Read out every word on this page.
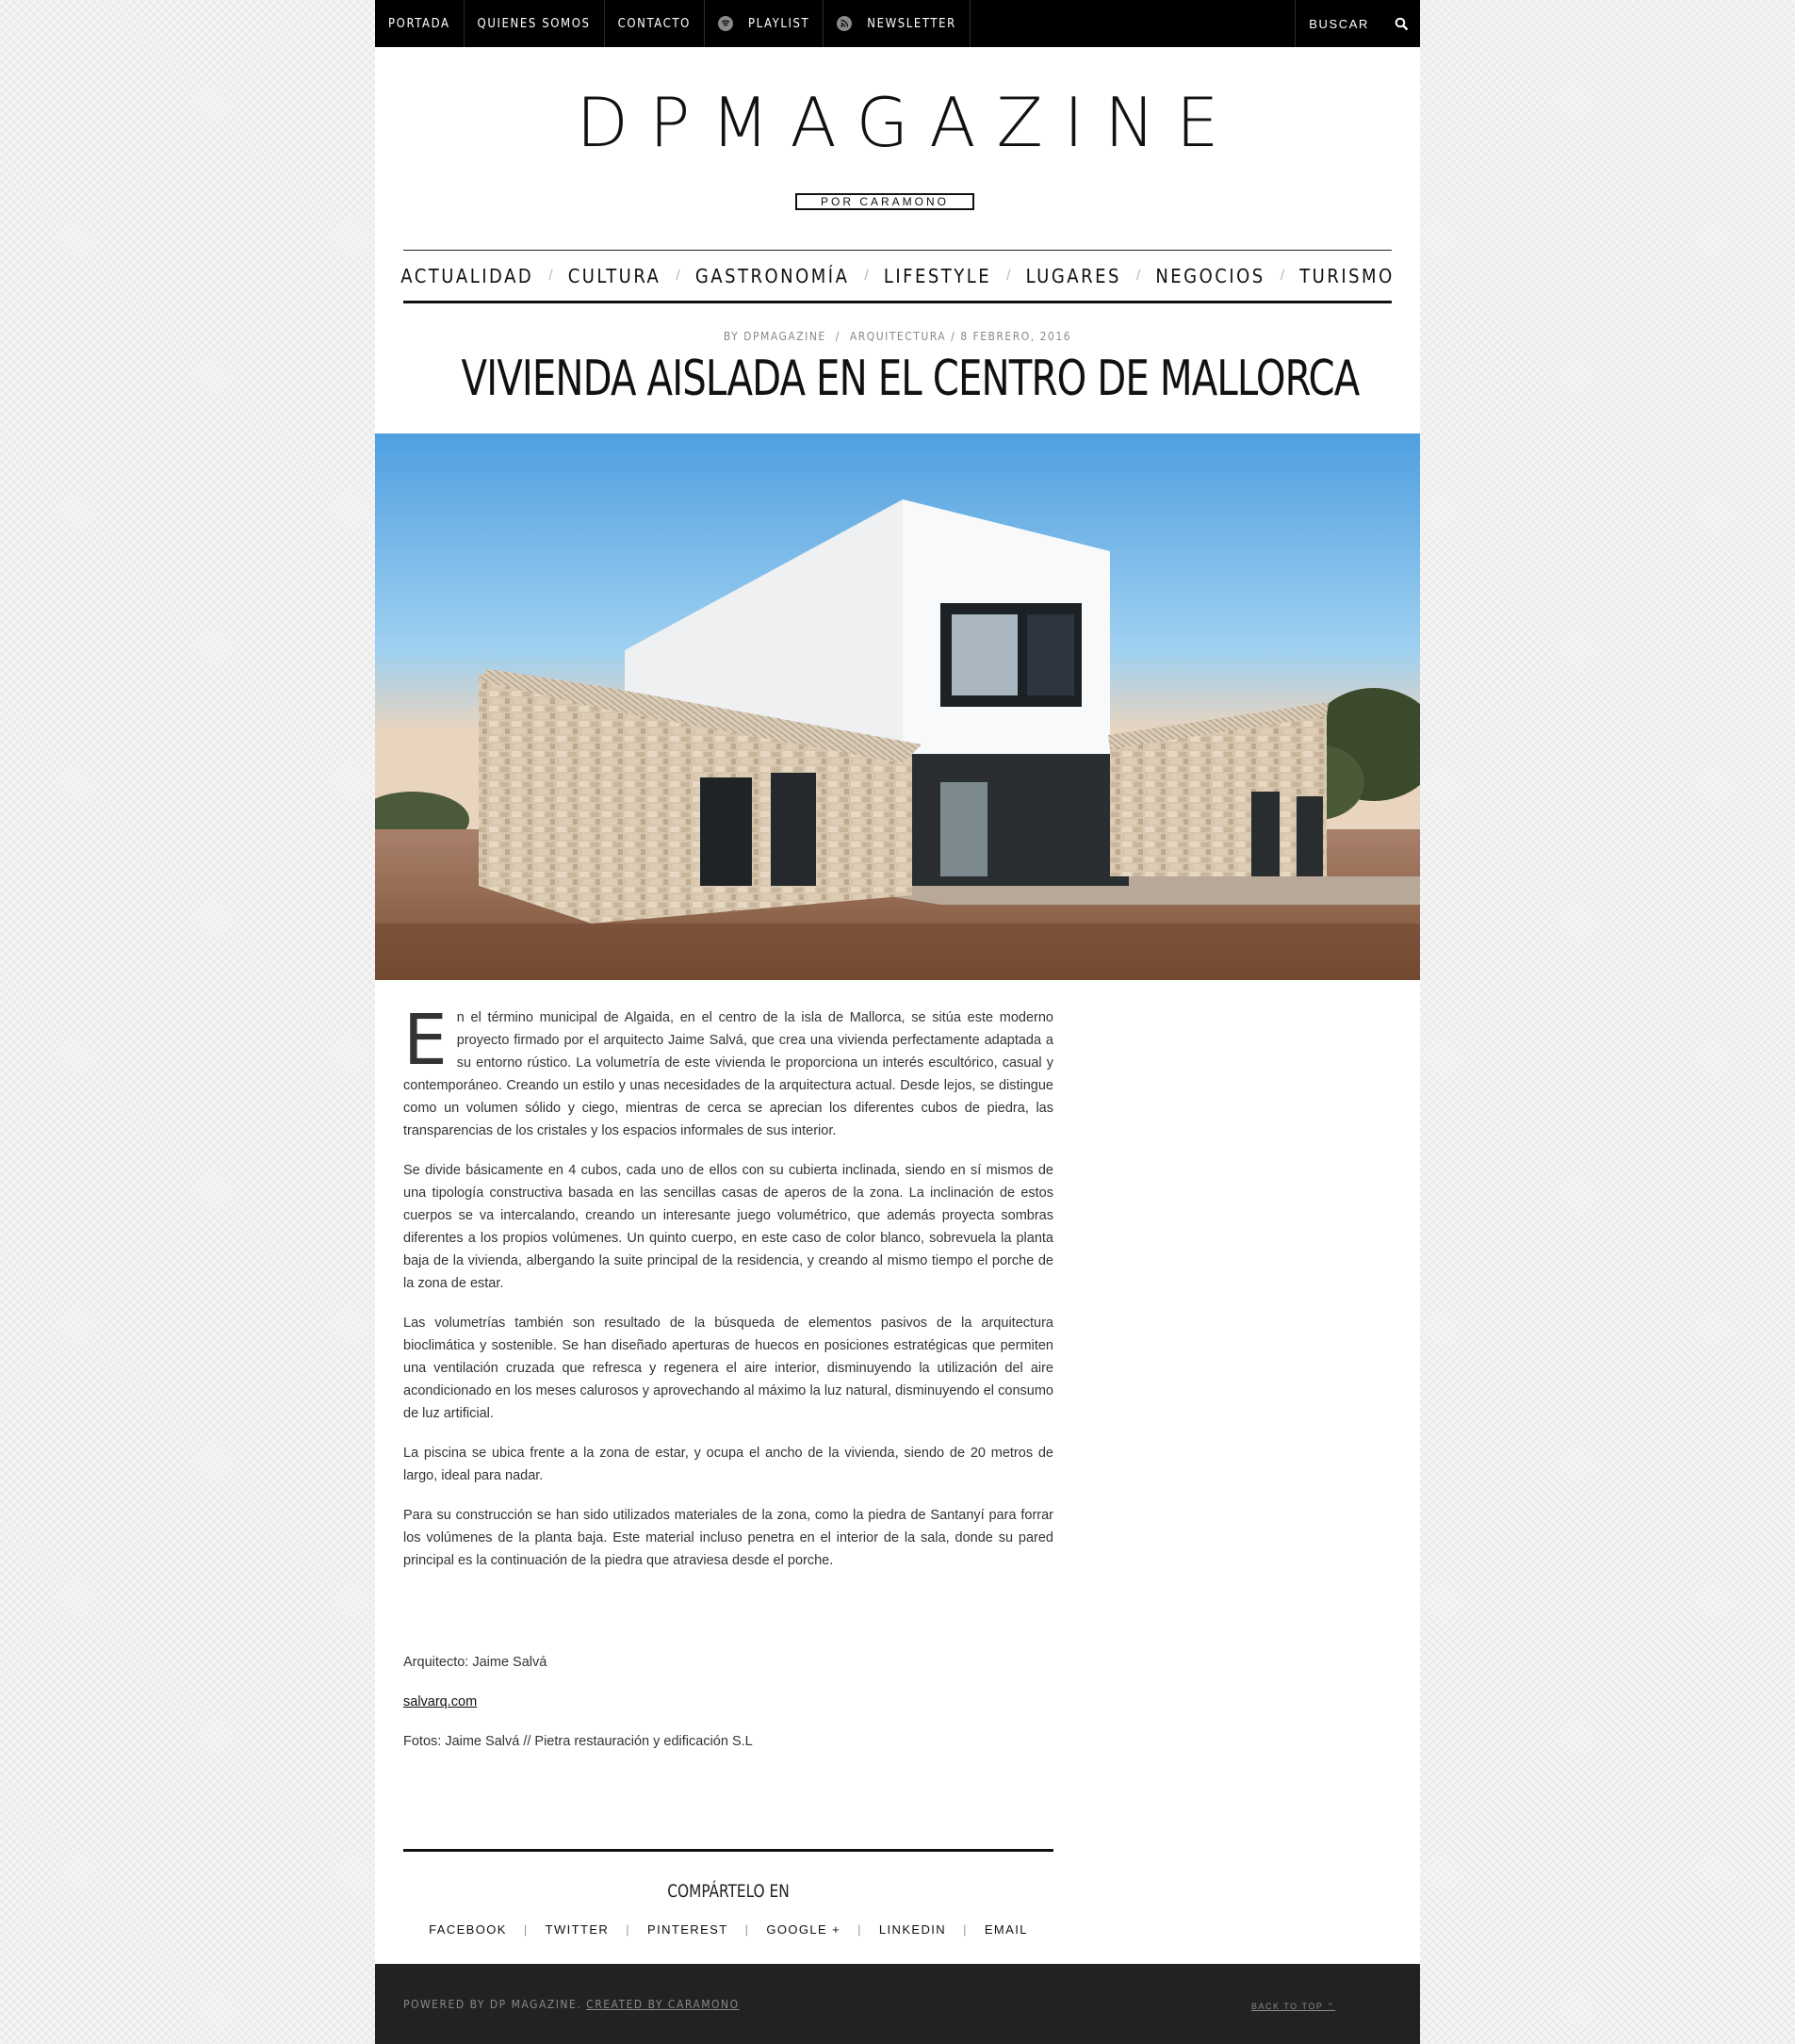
PORTADA QUIENES SOMOS CONTACTO	PLAYLIST	NEWSLETTER	BUSCAR
DPMAGAZINE
POR CARAMONO
ACTUALIDAD / CULTURA / GASTRONOMÍA / LIFESTYLE / LUGARES / NEGOCIOS / TURISMO
BY DPMAGAZINE / ARQUITECTURA / 8 FEBRERO, 2016
VIVIENDA AISLADA EN EL CENTRO DE MALLORCA

En el término municipal de Algaida, en el centro de la isla de Mallorca, se sitúa este moderno proyecto firmado por el arquitecto Jaime Salvá, que crea una vivienda perfectamente adaptada a su entorno rústico. La volumetría de este vivienda le proporciona un interés escultórico, casual y contemporáneo. Creando un estilo y unas necesidades de la arquitectura actual. Desde lejos, se distingue como un volumen sólido y ciego, mientras de cerca se aprecian los diferentes cubos de piedra, las transparencias de los cristales y los espacios informales de sus interior.

Se divide básicamente en 4 cubos, cada uno de ellos con su cubierta inclinada, siendo en sí mismos de una tipología constructiva basada en las sencillas casas de aperos de la zona. La inclinación de estos cuerpos se va intercalando, creando un interesante juego volumétrico, que además proyecta sombras diferentes a los propios volúmenes. Un quinto cuerpo, en este caso de color blanco, sobrevuela la planta baja de la vivienda, albergando la suite principal de la residencia, y creando al mismo tiempo el porche de la zona de estar.

Las volumetrías también son resultado de la búsqueda de elementos pasivos de la arquitectura bioclimática y sostenible. Se han diseñado aperturas de huecos en posiciones estratégicas que permiten una ventilación cruzada que refresca y regenera el aire interior, disminuyendo la utilización del aire acondicionado en los meses calurosos y aprovechando al máximo la luz natural, disminuyendo el consumo de luz artificial.

La piscina se ubica frente a la zona de estar, y ocupa el ancho de la vivienda, siendo de 20 metros de largo, ideal para nadar.

Para su construcción se han sido utilizados materiales de la zona, como la piedra de Santanyí para forrar los volúmenes de la planta baja. Este material incluso penetra en el interior de la sala, donde su pared principal es la continuación de la piedra que atraviesa desde el porche.

Arquitecto: Jaime Salvá
salvarq.com
Fotos: Jaime Salvá // Pietra restauración y edificación S.L
COMPÁRTELO EN
FACEBOOK | TWITTER | PINTEREST | GOOGLE + | LINKEDIN | EMAIL
POWERED BY DP MAGAZINE. CREATED BY CARAMONO	BACK TO TOP ⌃
